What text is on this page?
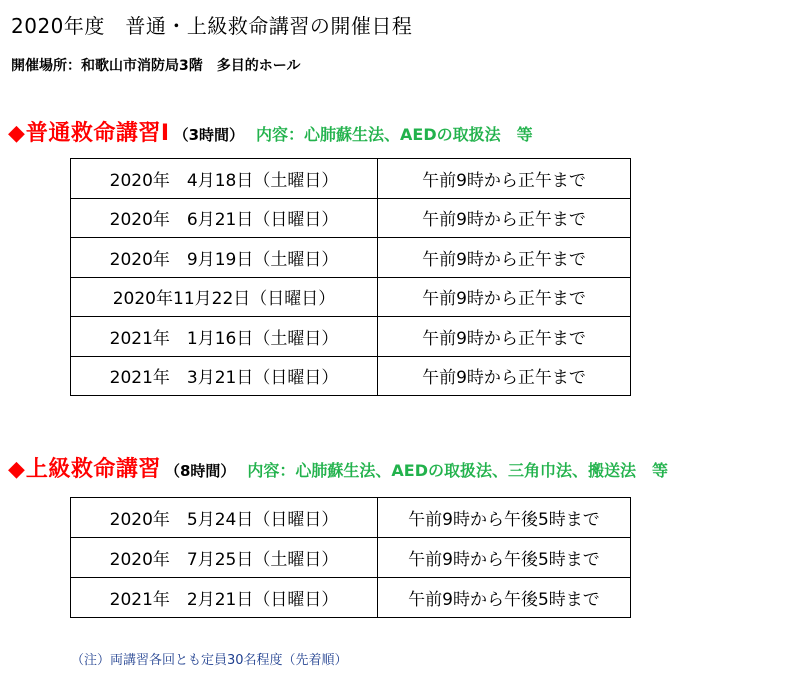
2020年度　普通・上級救命講習の開催日程
開催場所：和歌山市消防局3階　多目的ホール
◆ 普通救命講習Ⅰ （3時間） 内容：心肺蘇生法、AEDの取扱法　等
2020年　4月18日（土曜日）	午前9時から正午まで
2020年　6月21日（日曜日）	午前9時から正午まで
2020年　9月19日（土曜日）	午前9時から正午まで
2020年11月22日（日曜日）	午前9時から正午まで
2021年　1月16日（土曜日）	午前9時から正午まで
2021年　3月21日（日曜日）	午前9時から正午まで
◆ 上級救命講習 （8時間） 内容：心肺蘇生法、AEDの取扱法、三角巾法、搬送法　等
2020年　5月24日（日曜日）	午前9時から午後5時まで
2020年　7月25日（土曜日）	午前9時から午後5時まで
2021年　2月21日（日曜日）	午前9時から午後5時まで
（注）両講習各回とも定員30名程度（先着順）
